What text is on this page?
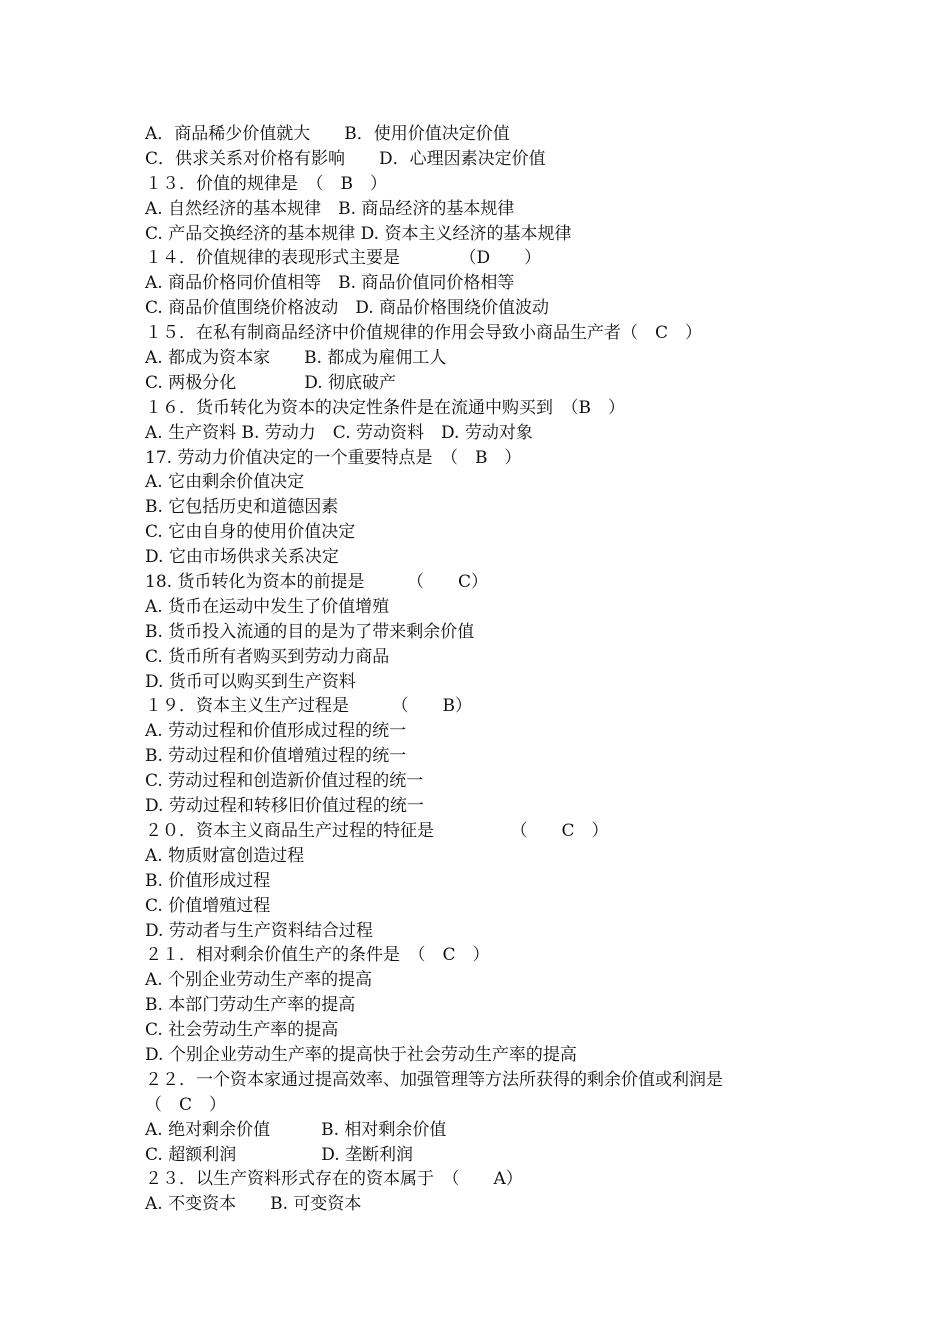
A．商品稀少价值就大　　B．使用价值决定价值
C．供求关系对价格有影响　　D．心理因素决定价值
１３．价值的规律是　（　B　）
A. 自然经济的基本规律　B. 商品经济的基本规律
C. 产品交换经济的基本规律 D. 资本主义经济的基本规律
１４．价值规律的表现形式主要是　　　　（D　　）
A. 商品价格同价值相等　B. 商品价值同价格相等
C. 商品价值围绕价格波动　D. 商品价格围绕价值波动
１５．在私有制商品经济中价值规律的作用会导致小商品生产者（　C　）
A. 都成为资本家　　B. 都成为雇佣工人
C. 两极分化　　　　D. 彻底破产
１６．货币转化为资本的决定性条件是在流通中购买到　（B　）
A. 生产资料 B. 劳动力　C. 劳动资料　D. 劳动对象
17. 劳动力价值决定的一个重要特点是　（　B　）
A. 它由剩余价值决定
B. 它包括历史和道德因素
C. 它由自身的使用价值决定
D. 它由市场供求关系决定
18. 货币转化为资本的前提是　　　（　　C）
A. 货币在运动中发生了价值增殖
B. 货币投入流通的目的是为了带来剩余价值
C. 货币所有者购买到劳动力商品
D. 货币可以购买到生产资料
１９．资本主义生产过程是　　　（　　B）
A. 劳动过程和价值形成过程的统一
B. 劳动过程和价值增殖过程的统一
C. 劳动过程和创造新价值过程的统一
D. 劳动过程和转移旧价值过程的统一
２０．资本主义商品生产过程的特征是　　　　　（　　C　）
A. 物质财富创造过程
B. 价值形成过程
C. 价值增殖过程
D. 劳动者与生产资料结合过程
２１．相对剩余价值生产的条件是　（　C　）
A. 个别企业劳动生产率的提高
B. 本部门劳动生产率的提高
C. 社会劳动生产率的提高
D. 个别企业劳动生产率的提高快于社会劳动生产率的提高
２２．一个资本家通过提高效率、加强管理等方法所获得的剩余价值或利润是
（　C　）
A. 绝对剩余价值　　　B. 相对剩余价值
C. 超额利润　　　　　D. 垄断利润
２３．以生产资料形式存在的资本属于　（　　A）
A. 不变资本　　B. 可变资本
